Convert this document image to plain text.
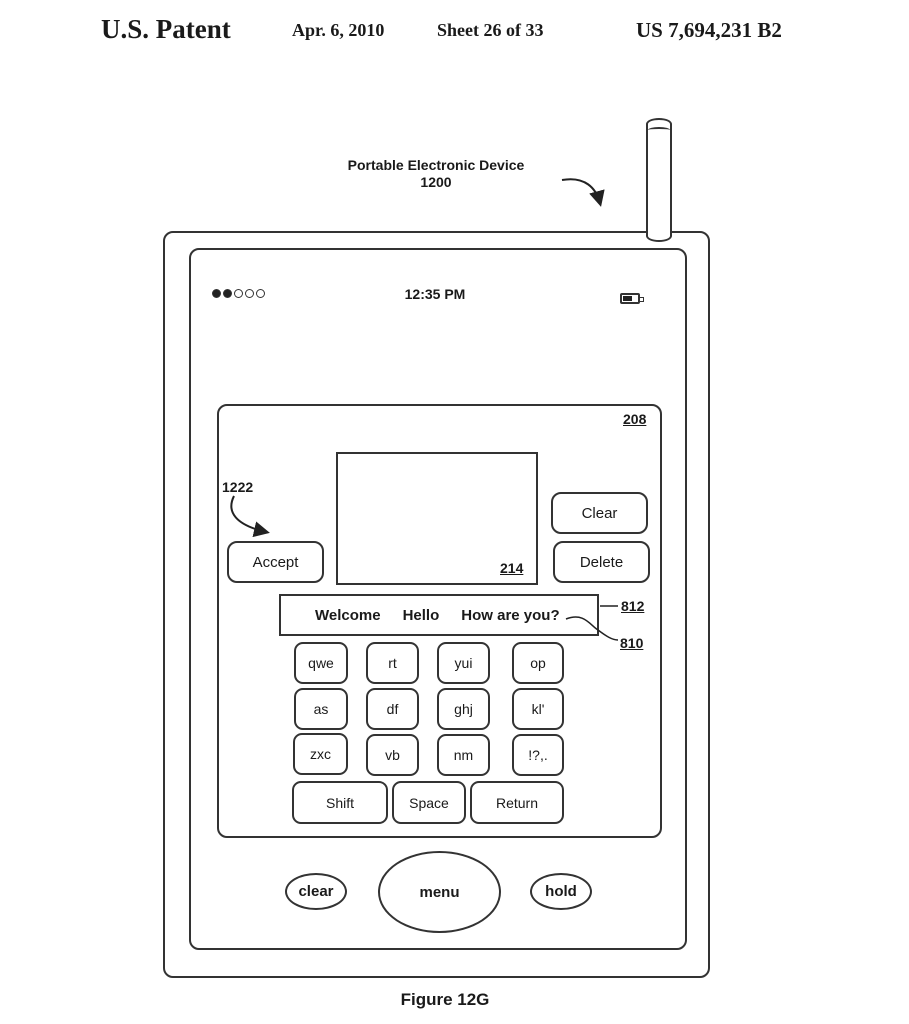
U.S. Patent	Apr. 6, 2010	Sheet 26 of 33	US 7,694,231 B2
Portable Electronic Device
1200
12:35 PM
208
214
1222
Accept
Clear
Delete
Welcome Hello How are you?
812
810
qwe	rt	yui	op
as	df	ghj	kl'
zxc	vb	nm	!?,.
Shift	Space	Return
clear	menu	hold
Figure 12G
